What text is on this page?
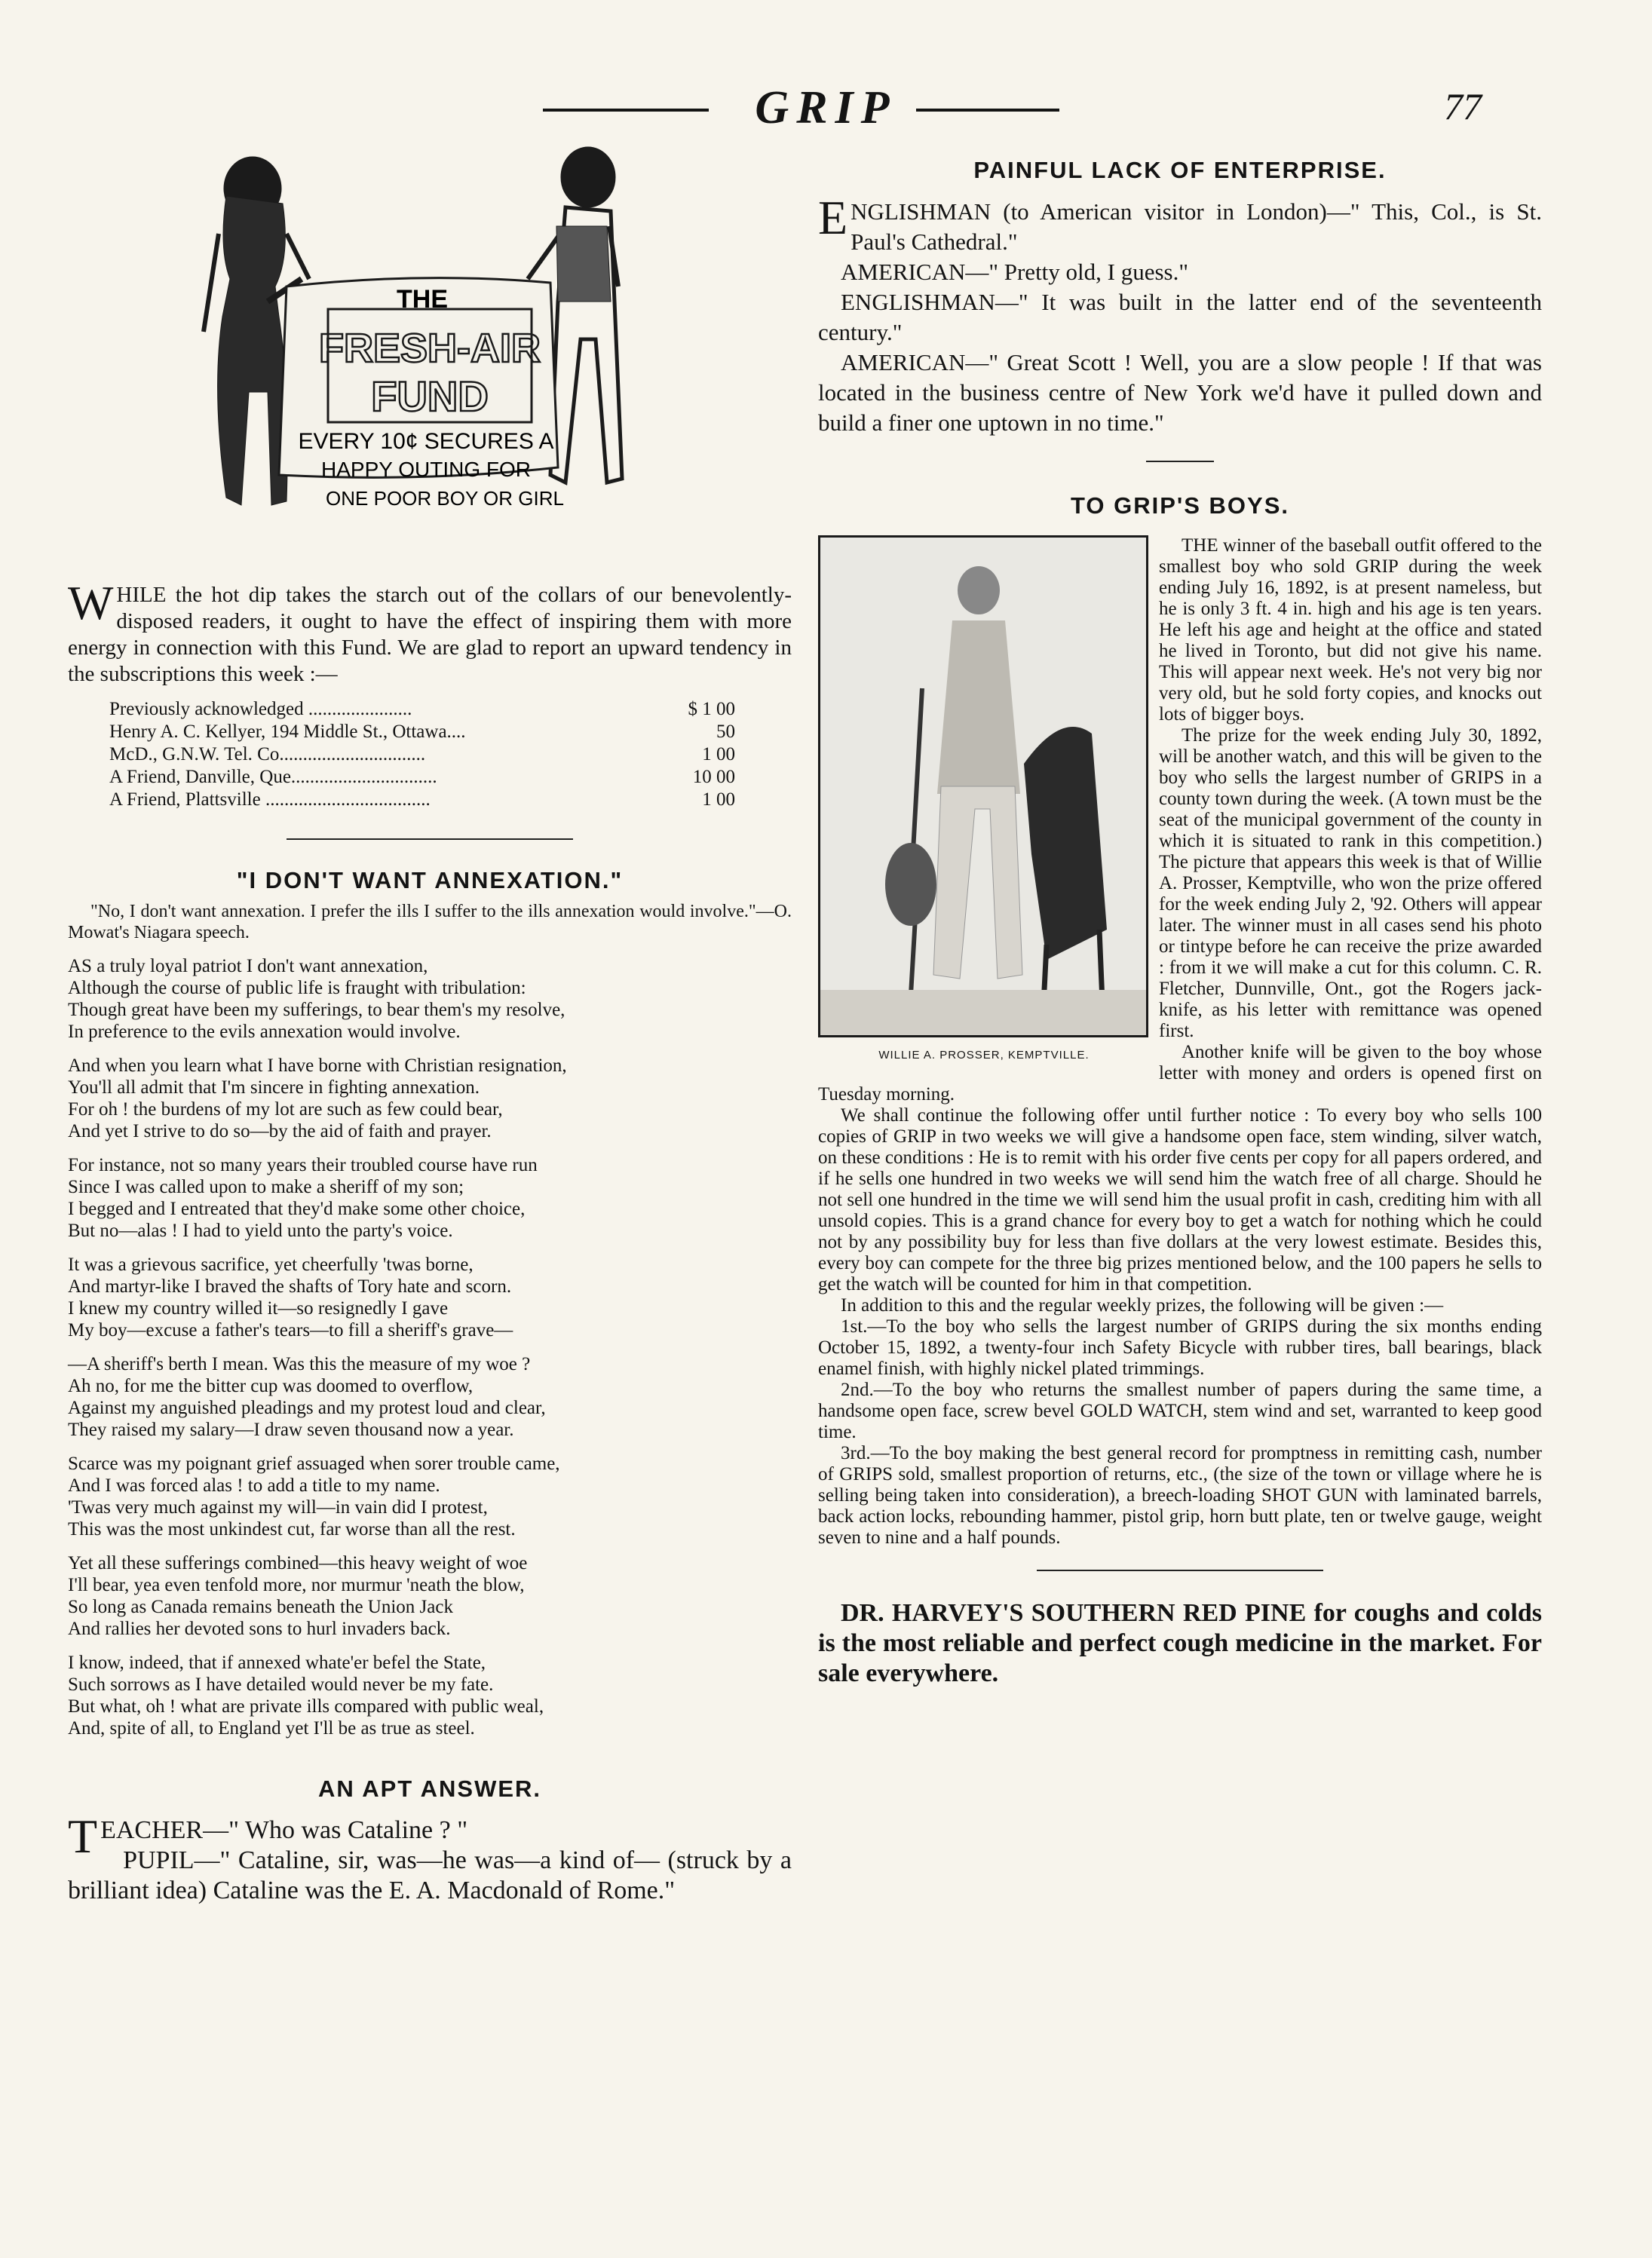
GRIP	77
THE
FRESH-AIR
FUND
EVERY 10¢ SECURES A
HAPPY OUTING FOR
ONE POOR BOY OR GIRL

WHILE the hot dip takes the starch out of the collars of our benevolently-disposed readers, it ought to have the effect of inspiring them with more energy in connection with this Fund. We are glad to report an upward tendency in the subscriptions this week :—

Previously acknowledged ......................	$ 1 00
Henry A. C. Kellyer, 194 Middle St., Ottawa....	50
McD., G.N.W. Tel. Co...............................	1 00
A Friend, Danville, Que...............................	10 00
A Friend, Plattsville ...................................	1 00
"I DON'T WANT ANNEXATION."

"No, I don't want annexation. I prefer the ills I suffer to the ills annexation would involve."—O. Mowat's Niagara speech.

AS a truly loyal patriot I don't want annexation,
Although the course of public life is fraught with tribulation:
Though great have been my sufferings, to bear them's my resolve,
In preference to the evils annexation would involve.
And when you learn what I have borne with Christian resignation,
You'll all admit that I'm sincere in fighting annexation.
For oh ! the burdens of my lot are such as few could bear,
And yet I strive to do so—by the aid of faith and prayer.
For instance, not so many years their troubled course have run
Since I was called upon to make a sheriff of my son;
I begged and I entreated that they'd make some other choice,
But no—alas ! I had to yield unto the party's voice.
It was a grievous sacrifice, yet cheerfully 'twas borne,
And martyr-like I braved the shafts of Tory hate and scorn.
I knew my country willed it—so resignedly I gave
My boy—excuse a father's tears—to fill a sheriff's grave—
—A sheriff's berth I mean. Was this the measure of my woe ?
Ah no, for me the bitter cup was doomed to overflow,
Against my anguished pleadings and my protest loud and clear,
They raised my salary—I draw seven thousand now a year.
Scarce was my poignant grief assuaged when sorer trouble came,
And I was forced alas ! to add a title to my name.
'Twas very much against my will—in vain did I protest,
This was the most unkindest cut, far worse than all the rest.
Yet all these sufferings combined—this heavy weight of woe
I'll bear, yea even tenfold more, nor murmur 'neath the blow,
So long as Canada remains beneath the Union Jack
And rallies her devoted sons to hurl invaders back.
I know, indeed, that if annexed whate'er befel the State,
Such sorrows as I have detailed would never be my fate.
But what, oh ! what are private ills compared with public weal,
And, spite of all, to England yet I'll be as true as steel.
AN APT ANSWER.

TEACHER—" Who was Cataline ? "

PUPIL—" Cataline, sir, was—he was—a kind of— (struck by a brilliant idea) Cataline was the E. A. Macdonald of Rome."

PAINFUL LACK OF ENTERPRISE.

ENGLISHMAN (to American visitor in London)—" This, Col., is St. Paul's Cathedral."

AMERICAN—" Pretty old, I guess."

ENGLISHMAN—" It was built in the latter end of the seventeenth century."

AMERICAN—" Great Scott ! Well, you are a slow people ! If that was located in the business centre of New York we'd have it pulled down and build a finer one uptown in no time."

TO GRIP'S BOYS.
WILLIE A. PROSSER, KEMPTVILLE.

THE winner of the baseball outfit offered to the smallest boy who sold GRIP during the week ending July 16, 1892, is at present nameless, but he is only 3 ft. 4 in. high and his age is ten years. He left his age and height at the office and stated he lived in Toronto, but did not give his name. This will appear next week. He's not very big nor very old, but he sold forty copies, and knocks out lots of bigger boys.

The prize for the week ending July 30, 1892, will be another watch, and this will be given to the boy who sells the largest number of GRIPS in a county town during the week. (A town must be the seat of the municipal government of the county in which it is situated to rank in this competition.) The picture that appears this week is that of Willie A. Prosser, Kemptville, who won the prize offered for the week ending July 2, '92. Others will appear later. The winner must in all cases send his photo or tintype before he can receive the prize awarded : from it we will make a cut for this column. C. R. Fletcher, Dunnville, Ont., got the Rogers jack-knife, as his letter with remittance was opened first.

Another knife will be given to the boy whose letter with money and orders is opened first on Tuesday morning.

We shall continue the following offer until further notice : To every boy who sells 100 copies of GRIP in two weeks we will give a handsome open face, stem winding, silver watch, on these conditions : He is to remit with his order five cents per copy for all papers ordered, and if he sells one hundred in two weeks we will send him the watch free of all charge. Should he not sell one hundred in the time we will send him the usual profit in cash, crediting him with all unsold copies. This is a grand chance for every boy to get a watch for nothing which he could not by any possibility buy for less than five dollars at the very lowest estimate. Besides this, every boy can compete for the three big prizes mentioned below, and the 100 papers he sells to get the watch will be counted for him in that competition.

In addition to this and the regular weekly prizes, the following will be given :—

1st.—To the boy who sells the largest number of GRIPS during the six months ending October 15, 1892, a twenty-four inch Safety Bicycle with rubber tires, ball bearings, black enamel finish, with highly nickel plated trimmings.

2nd.—To the boy who returns the smallest number of papers during the same time, a handsome open face, screw bevel GOLD WATCH, stem wind and set, warranted to keep good time.

3rd.—To the boy making the best general record for promptness in remitting cash, number of GRIPS sold, smallest proportion of returns, etc., (the size of the town or village where he is selling being taken into consideration), a breech-loading SHOT GUN with laminated barrels, back action locks, rebounding hammer, pistol grip, horn butt plate, ten or twelve gauge, weight seven to nine and a half pounds.

DR. HARVEY'S SOUTHERN RED PINE for coughs and colds is the most reliable and perfect cough medicine in the market. For sale everywhere.
